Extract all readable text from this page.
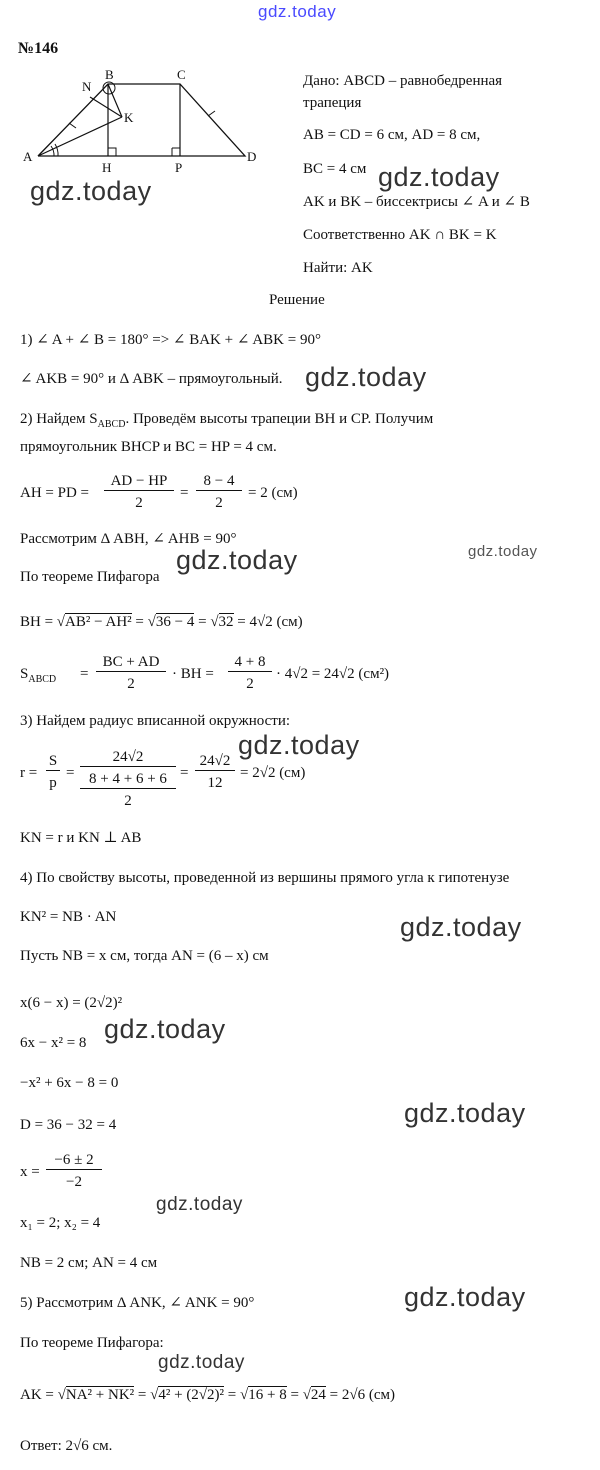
gdz.today
№146
A
B	C
D
H	P
N
K
Дано: ABCD – равнобедренная
трапеция
AB = CD = 6 см, AD = 8 см,
BC = 4 см
AK и BK – биссектрисы ∠ A и ∠ B
Соответственно AK ∩ BK = K
Найти: AK
gdz.today	gdz.today
Решение
1) ∠ A + ∠ B = 180° => ∠ BAK + ∠ ABK = 90°
∠ AKB = 90° и Δ ABK – прямоугольный. gdz.today
2) Найдем $S_{ABCD}$. Проведём высоты трапеции BH и CP. Получим
прямоугольник BHCP и BC = HP = 4 см.
AH = PD =
AD − HP
2
=
8 − 4
2
= 2 (см)
Рассмотрим Δ ABH, ∠ AHB = 90°
gdz.today	gdz.today
По теореме Пифагора
BH = √AB² − AH² = √36 − 4 = √32 = 4√2 (см)
$S_{ABCD}$ =
BC + AD
2
· BH =
4 + 8
2
· 4√2 = 24√2 (см²)
3) Найдем радиус вписанной окружности:
gdz.today
r =
S
p
=
24√2
8 + 4 + 6 + 6
2
=
24√2
12
= 2√2 (см)
KN = r и KN ⊥ AB
4) По свойству высоты, проведенной из вершины прямого угла к гипотенузе
KN² = NB · AN	gdz.today
Пусть NB = x см, тогда AN = (6 – x) см
x(6 − x) = (2√2)²
gdz.today
6x − x² = 8
−x² + 6x − 8 = 0
gdz.today
D = 36 − 32 = 4
x =
−6 ± 2
−2
gdz.today
x₁ = 2; x₂ = 4
NB = 2 см; AN = 4 см
5) Рассмотрим Δ ANK, ∠ ANK = 90°	gdz.today
По теореме Пифагора:
gdz.today
AK = √NA² + NK² = √4² + (2√2)² = √16 + 8 = √24 = 2√6 (см)
Ответ: 2√6 см.
